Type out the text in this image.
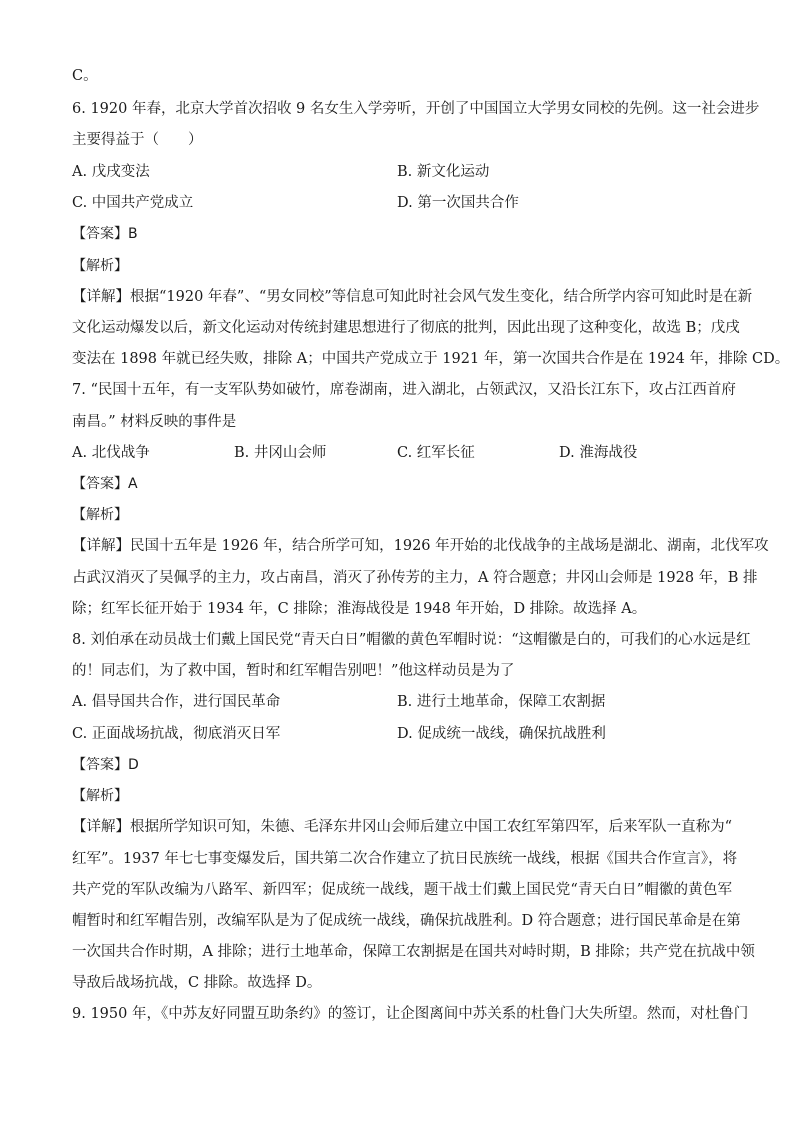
C。
6. 1920 年春，北京大学首次招收 9 名女生入学旁听，开创了中国国立大学男女同校的先例。这一社会进步
主要得益于（　　）
A. 戊戌变法	B. 新文化运动
C. 中国共产党成立	D. 第一次国共合作
【答案】B
【解析】
【详解】根据“1920 年春”、“男女同校”等信息可知此时社会风气发生变化，结合所学内容可知此时是在新
文化运动爆发以后，新文化运动对传统封建思想进行了彻底的批判，因此出现了这种变化，故选 B；戊戌
变法在 1898 年就已经失败，排除 A；中国共产党成立于 1921 年，第一次国共合作是在 1924 年，排除 CD。
7. “民国十五年，有一支军队势如破竹，席卷湖南，进入湖北，占领武汉，又沿长江东下，攻占江西首府
南昌。” 材料反映的事件是
A. 北伐战争	B. 井冈山会师	C. 红军长征	D. 淮海战役
【答案】A
【解析】
【详解】民国十五年是 1926 年，结合所学可知，1926 年开始的北伐战争的主战场是湖北、湖南，北伐军攻
占武汉消灭了吴佩孚的主力，攻占南昌，消灭了孙传芳的主力，A 符合题意；井冈山会师是 1928 年，B 排
除；红军长征开始于 1934 年，C 排除；淮海战役是 1948 年开始，D 排除。故选择 A。
8. 刘伯承在动员战士们戴上国民党“青天白日”帽徽的黄色军帽时说：“这帽徽是白的，可我们的心水远是红
的！同志们，为了救中国，暂时和红军帽告别吧！”他这样动员是为了
A. 倡导国共合作，进行国民革命	B. 进行土地革命，保障工农割据
C. 正面战场抗战，彻底消灭日军	D. 促成统一战线，确保抗战胜利
【答案】D
【解析】
【详解】根据所学知识可知，朱德、毛泽东井冈山会师后建立中国工农红军第四军，后来军队一直称为“
红军”。1937 年七七事变爆发后，国共第二次合作建立了抗日民族统一战线，根据《国共合作宣言》，将
共产党的军队改编为八路军、新四军；促成统一战线，题干战士们戴上国民党“青天白日”帽徽的黄色军
帽暂时和红军帽告别，改编军队是为了促成统一战线，确保抗战胜利。D 符合题意；进行国民革命是在第
一次国共合作时期，A 排除；进行土地革命，保障工农割据是在国共对峙时期，B 排除；共产党在抗战中领
导敌后战场抗战，C 排除。故选择 D。
9. 1950 年，《中苏友好同盟互助条约》的签订，让企图离间中苏关系的杜鲁门大失所望。然而，对杜鲁门
